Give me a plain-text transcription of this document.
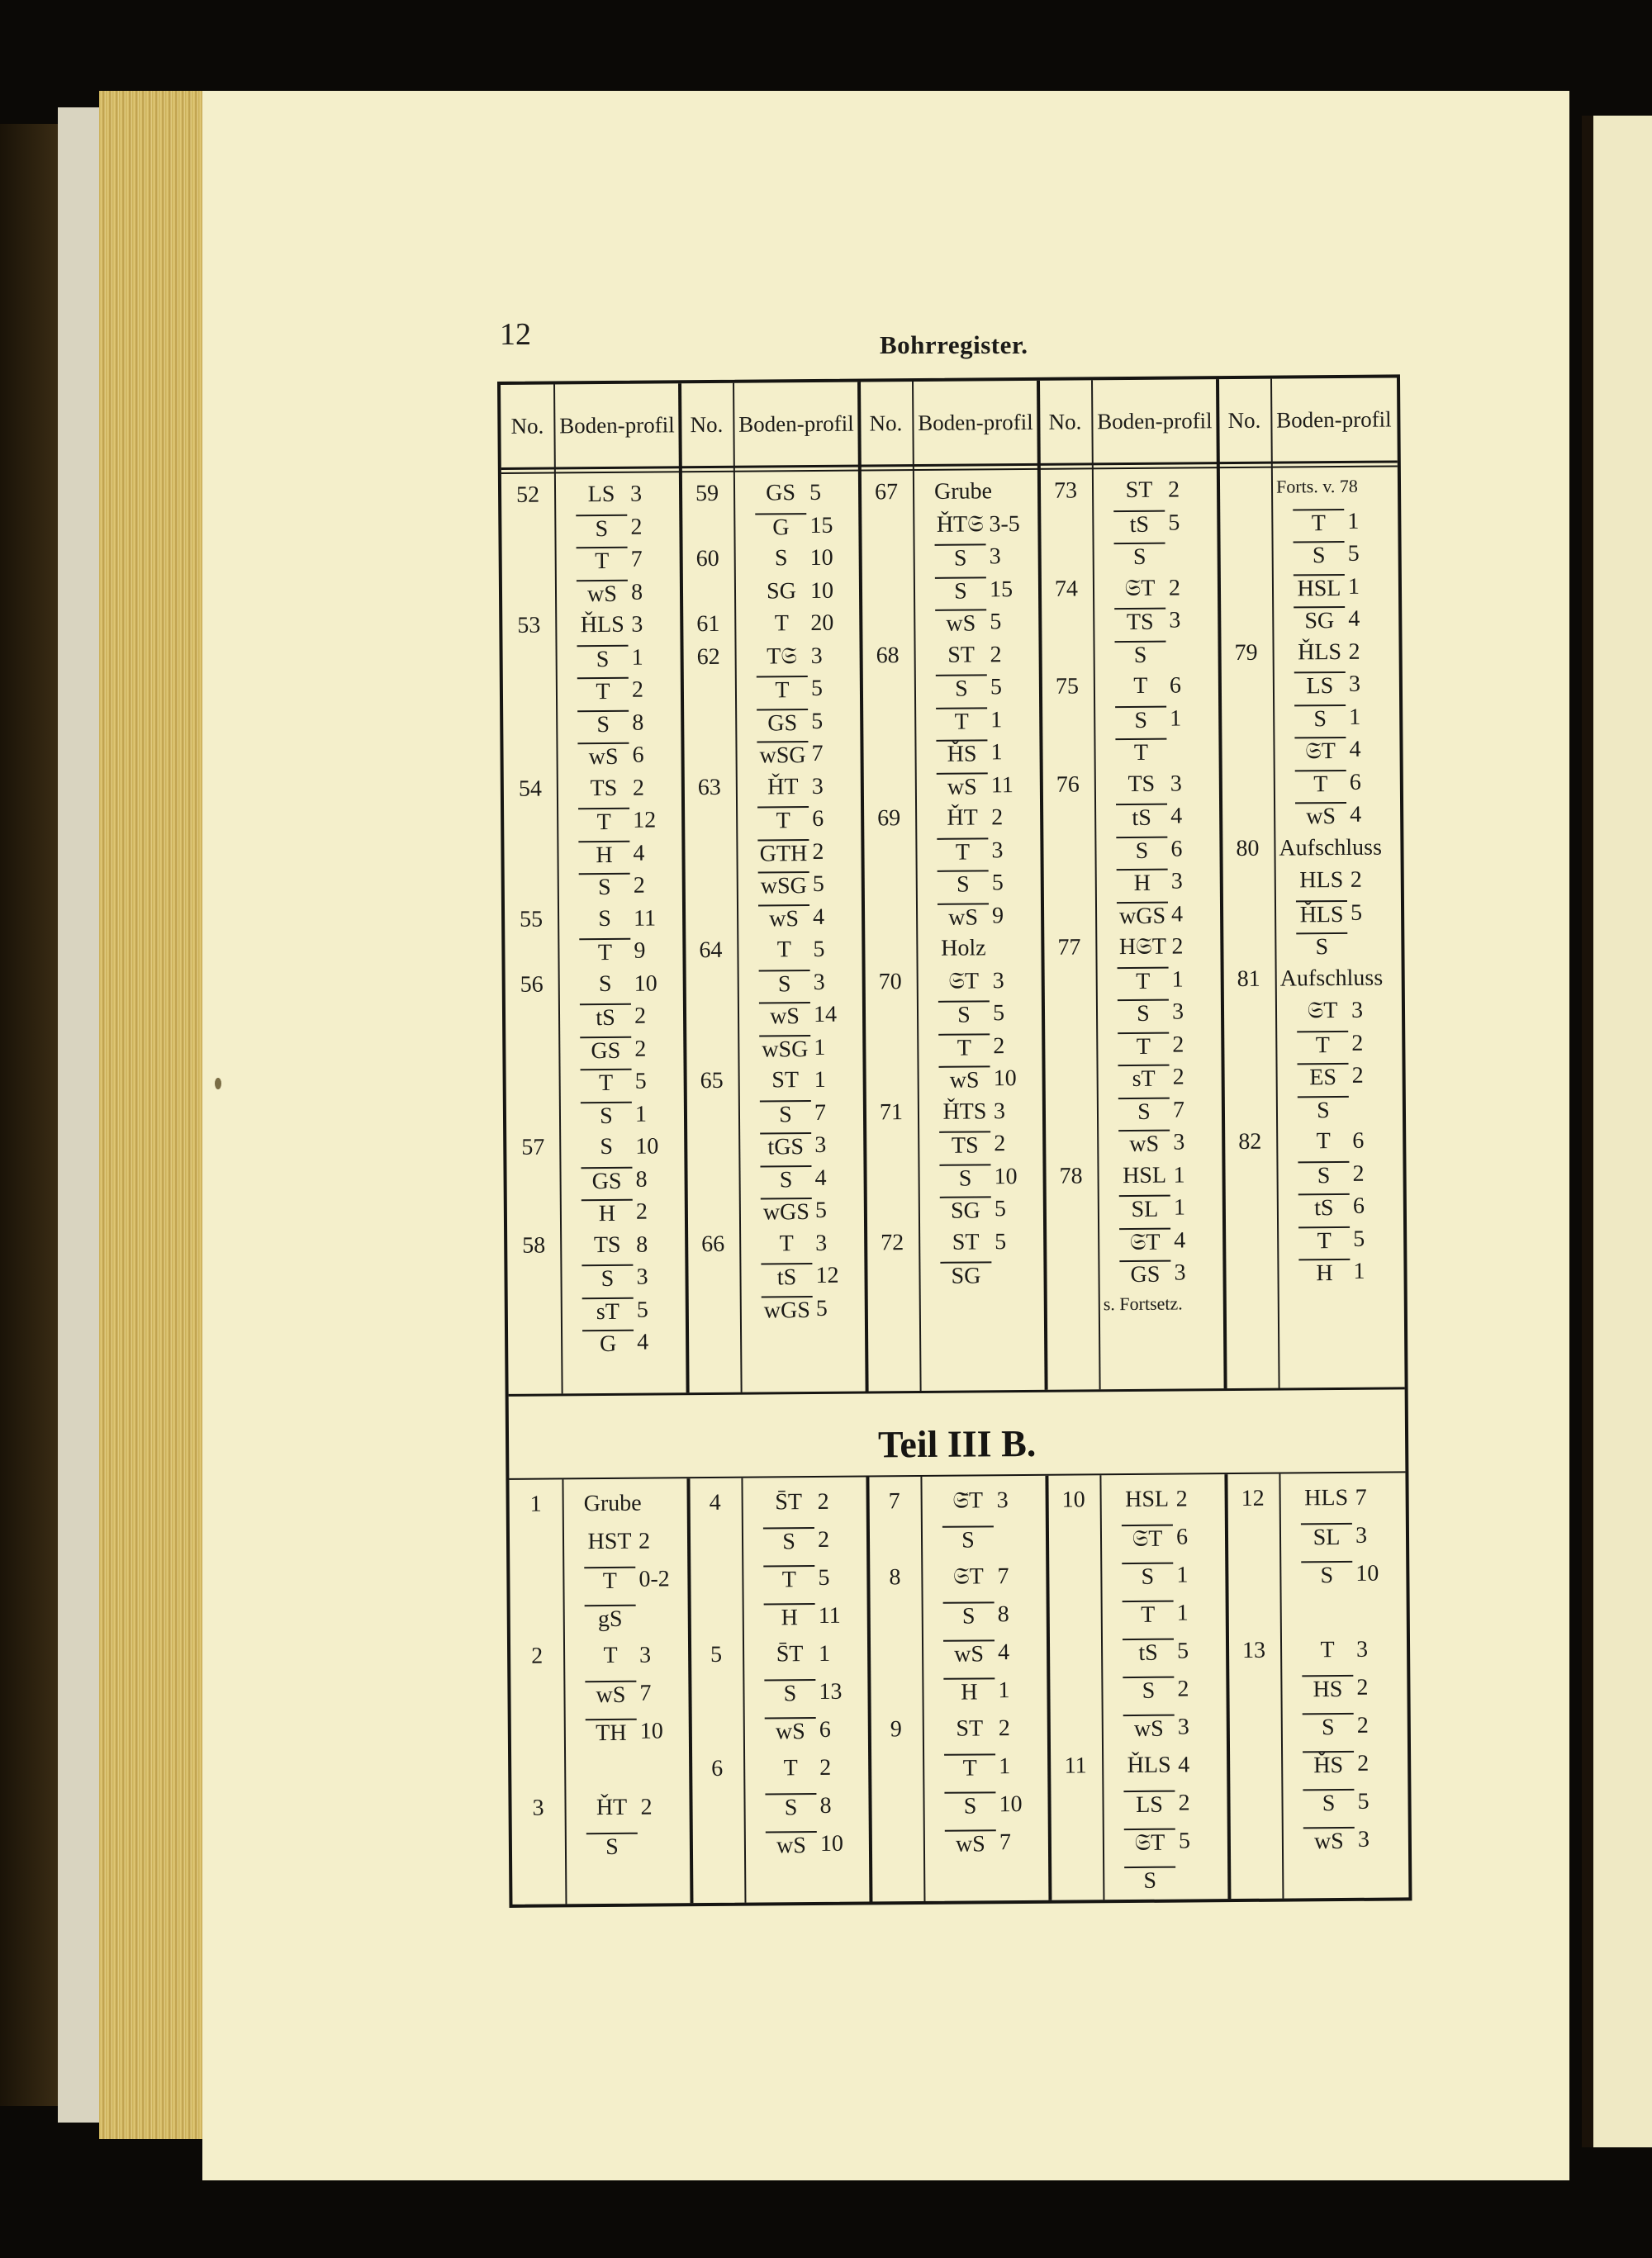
12	Bohrregister.
Teil III B.
No. Boden- profil No. Boden- profil No. Boden- profil No. Boden- profil No. Boden- profil
52	LS 3
S 2
T 7
wS 8
53	ȞLS 3
S 1
T 2
S 8
wS 6
54	TS 2
T 12
H 4
S 2
55	S 11
T 9
56	S 10
tS 2
GS 2
T 5
S 1
57	S 10
GS 8
H 2
58	TS 8
S 3
sT 5
G 4
59	GS 5
G 15
60	S 10
SG 10
61	T 20
62	T𝔖 3
T 5
GS 5
wSG 7
63	ȞT 3
T 6
GTH 2
wSG 5
wS 4
64	T 5
S 3
wS 14
wSG 1
65	ST 1
S 7
tGS 3
S 4
wGS 5
66	T 3
tS 12
wGS 5
67	Grube
ȞT𝔖 3-5
S 3
S 15
wS 5
68	ST 2
S 5
T 1
ȞS 1
wS 11
69	ȞT 2
T 3
S 5
wS 9
Holz
70	𝔖T 3
S 5
T 2
wS 10
71	ȞTS 3
TS 2
S 10
SG 5
72	ST 5
SG
73	ST 2
tS 5
S
74	𝔖T 2
TS 3
S
75	T 6
S 1
T
76	TS 3
tS 4
S 6
H 3
wGS 4
77	H𝔖T 2
T 1
S 3
T 2
sT 2
S 7
wS 3
78	HSL 1
SL 1
𝔖T 4
GS 3
s. Fortsetz.
Forts. v. 78
T 1
S 5
HSL 1
SG 4
79	ȞLS 2
LS 3
S 1
𝔖T 4
T 6
wS 4
80 Aufschluss
HLS 2
ȞLS 5
S
81 Aufschluss
𝔖T 3
T 2
ES 2
S
82	T 6
S 2
tS 6
T 5
H 1
1	Grube
HST 2
T 0-2
gS
2	T 3
wS 7
TH 10
3	ȞT 2
S
4	S̄T 2
S 2
T 5
H 11
5	S̄T 1
S 13
wS 6
6	T 2
S 8
wS 10
7	𝔖̄T 3
S
8	𝔖T 7
S 8
wS 4
H 1
9	ST 2
T 1
S 10
wS 7
10	HSL 2
𝔖T 6
S 1
T 1
tS 5
S 2
wS 3
11	ȞLS 4
LS 2
𝔖T 5
S
12	HLS 7
SL 3
S 10
13	T 3
HS 2
S 2
ȞS 2
S 5
wS 3
